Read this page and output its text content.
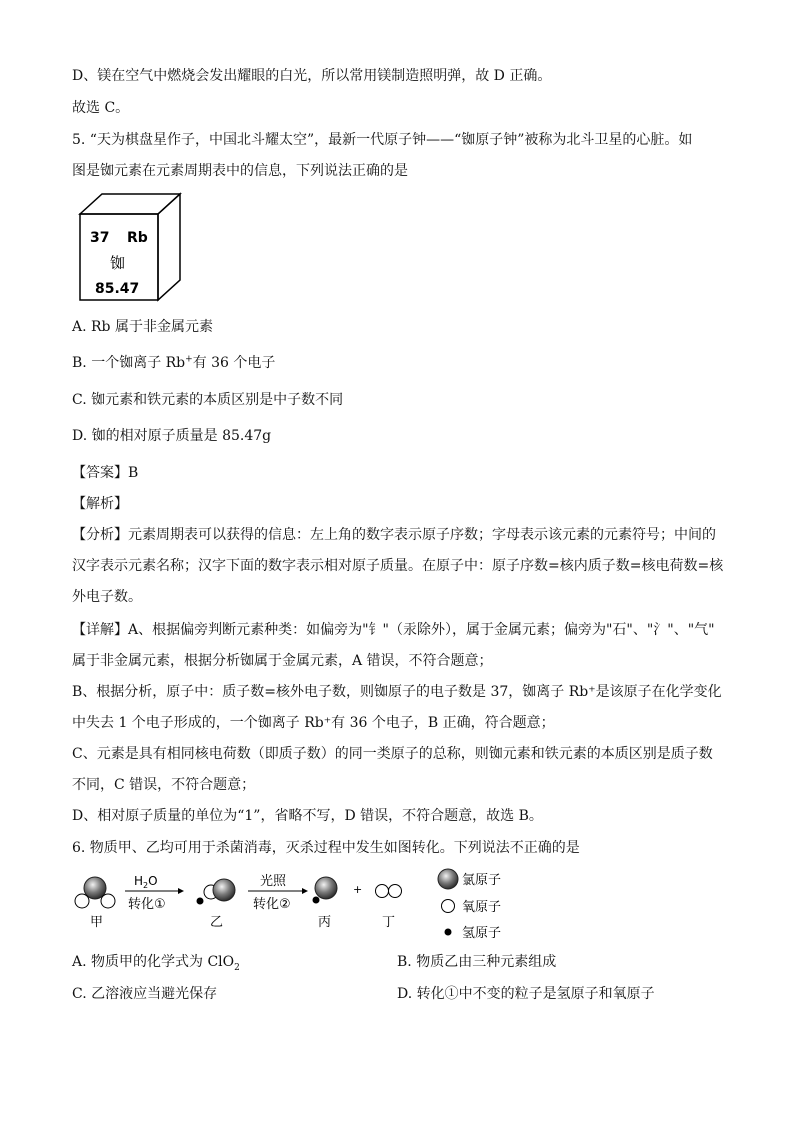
D、镁在空气中燃烧会发出耀眼的白光，所以常用镁制造照明弹，故 D 正确。
故选 C。
5. “天为棋盘星作子，中国北斗耀太空”，最新一代原子钟——“铷原子钟”被称为北斗卫星的心脏。如
图是铷元素在元素周期表中的信息，下列说法正确的是
37 Rb
铷
85.47
A. Rb 属于非金属元素
B. 一个铷离子 Rb+有 36 个电子
C. 铷元素和铁元素的本质区别是中子数不同
D. 铷的相对原子质量是 85.47g
【答案】B
【解析】
【分析】元素周期表可以获得的信息：左上角的数字表示原子序数；字母表示该元素的元素符号；中间的
汉字表示元素名称；汉字下面的数字表示相对原子质量。在原子中：原子序数=核内质子数=核电荷数=核
外电子数。
【详解】A、根据偏旁判断元素种类：如偏旁为"钅"（汞除外），属于金属元素；偏旁为"石"、"氵"、"气"
属于非金属元素，根据分析铷属于金属元素，A 错误，不符合题意；
B、根据分析，原子中：质子数=核外电子数，则铷原子的电子数是 37，铷离子 Rb⁺是该原子在化学变化
中失去 1 个电子形成的，一个铷离子 Rb⁺有 36 个电子，B 正确，符合题意；
C、元素是具有相同核电荷数（即质子数）的同一类原子的总称，则铷元素和铁元素的本质区别是质子数
不同，C 错误，不符合题意；
D、相对原子质量的单位为“1”，省略不写，D 错误，不符合题意，故选 B。
6. 物质甲、乙均可用于杀菌消毒，灭杀过程中发生如图转化。下列说法不正确的是
甲
$H_2O$
转化①
乙
光照
转化②
丙
+
丁
氯原子
氧原子
氢原子
A. 物质甲的化学式为 ClO$_2$	B. 物质乙由三种元素组成
C. 乙溶液应当避光保存	D. 转化①中不变的粒子是氢原子和氧原子
